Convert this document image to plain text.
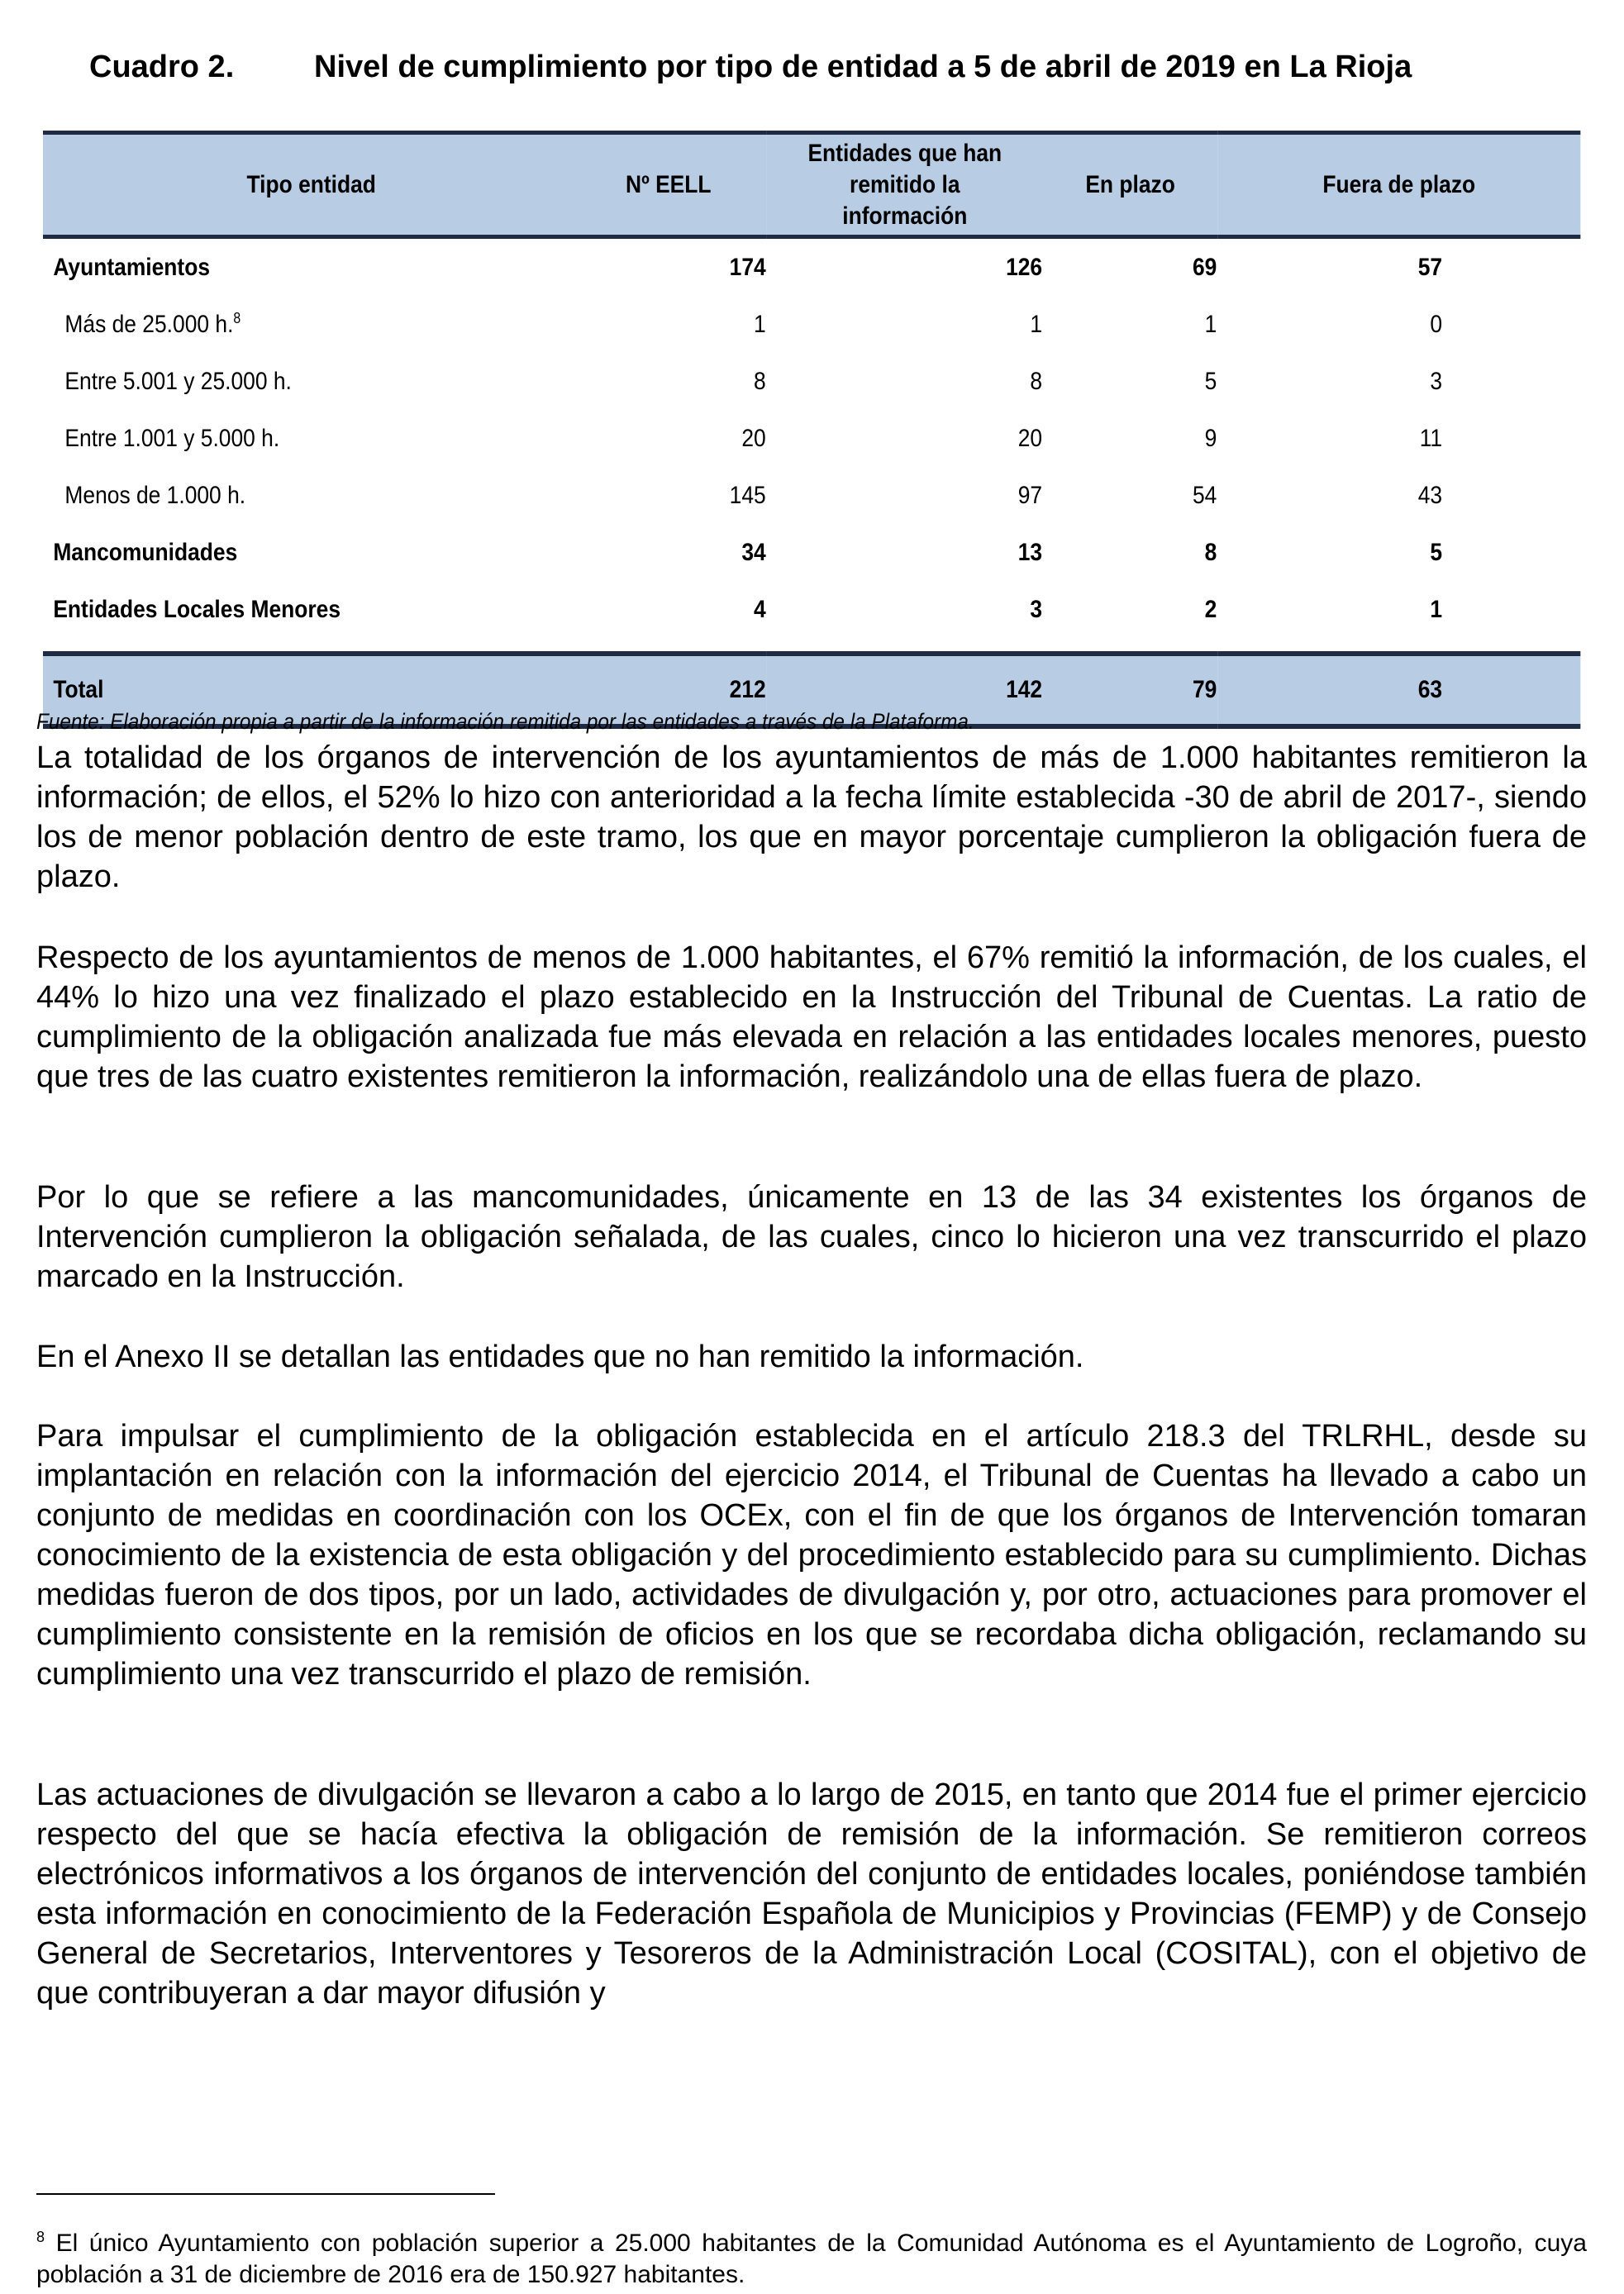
Cuadro 2.	Nivel de cumplimiento por tipo de entidad a 5 de abril de 2019 en La Rioja
Tipo entidad	Nº EELL	Entidades que han
remitido la
información	En plazo	Fuera de plazo
Ayuntamientos	174	126	69	57
Más de 25.000 h.$^8$	1	1	1	0
Entre 5.001 y 25.000 h.	8	8	5	3
Entre 1.001 y 5.000 h.	20	20	9	11
Menos de 1.000 h.	145	97	54	43
Mancomunidades	34	13	8	5
Entidades Locales Menores	4	3	2	1

Total	212	142	79	63
Fuente: Elaboración propia a partir de la información remitida por las entidades a través de la Plataforma.

La totalidad de los órganos de intervención de los ayuntamientos de más de 1.000 habitantes remitieron la información; de ellos, el 52% lo hizo con anterioridad a la fecha límite establecida -30 de abril de 2017-, siendo los de menor población dentro de este tramo, los que en mayor porcentaje cumplieron la obligación fuera de plazo.

Respecto de los ayuntamientos de menos de 1.000 habitantes, el 67% remitió la información, de los cuales, el 44% lo hizo una vez finalizado el plazo establecido en la Instrucción del Tribunal de Cuentas. La ratio de cumplimiento de la obligación analizada fue más elevada en relación a las entidades locales menores, puesto que tres de las cuatro existentes remitieron la información, realizándolo una de ellas fuera de plazo.

Por lo que se refiere a las mancomunidades, únicamente en 13 de las 34 existentes los órganos de Intervención cumplieron la obligación señalada, de las cuales, cinco lo hicieron una vez transcurrido el plazo marcado en la Instrucción.

En el Anexo II se detallan las entidades que no han remitido la información.

Para impulsar el cumplimiento de la obligación establecida en el artículo 218.3 del TRLRHL, desde su implantación en relación con la información del ejercicio 2014, el Tribunal de Cuentas ha llevado a cabo un conjunto de medidas en coordinación con los OCEx, con el fin de que los órganos de Intervención tomaran conocimiento de la existencia de esta obligación y del procedimiento establecido para su cumplimiento. Dichas medidas fueron de dos tipos, por un lado, actividades de divulgación y, por otro, actuaciones para promover el cumplimiento consistente en la remisión de oficios en los que se recordaba dicha obligación, reclamando su cumplimiento una vez transcurrido el plazo de remisión.

Las actuaciones de divulgación se llevaron a cabo a lo largo de 2015, en tanto que 2014 fue el primer ejercicio respecto del que se hacía efectiva la obligación de remisión de la información. Se remitieron correos electrónicos informativos a los órganos de intervención del conjunto de entidades locales, poniéndose también esta información en conocimiento de la Federación Española de Municipios y Provincias (FEMP) y de Consejo General de Secretarios, Interventores y Tesoreros de la Administración Local (COSITAL), con el objetivo de que contribuyeran a dar mayor difusión y

$^8$ El único Ayuntamiento con población superior a 25.000 habitantes de la Comunidad Autónoma es el Ayuntamiento de Logroño, cuya población a 31 de diciembre de 2016 era de 150.927 habitantes.
